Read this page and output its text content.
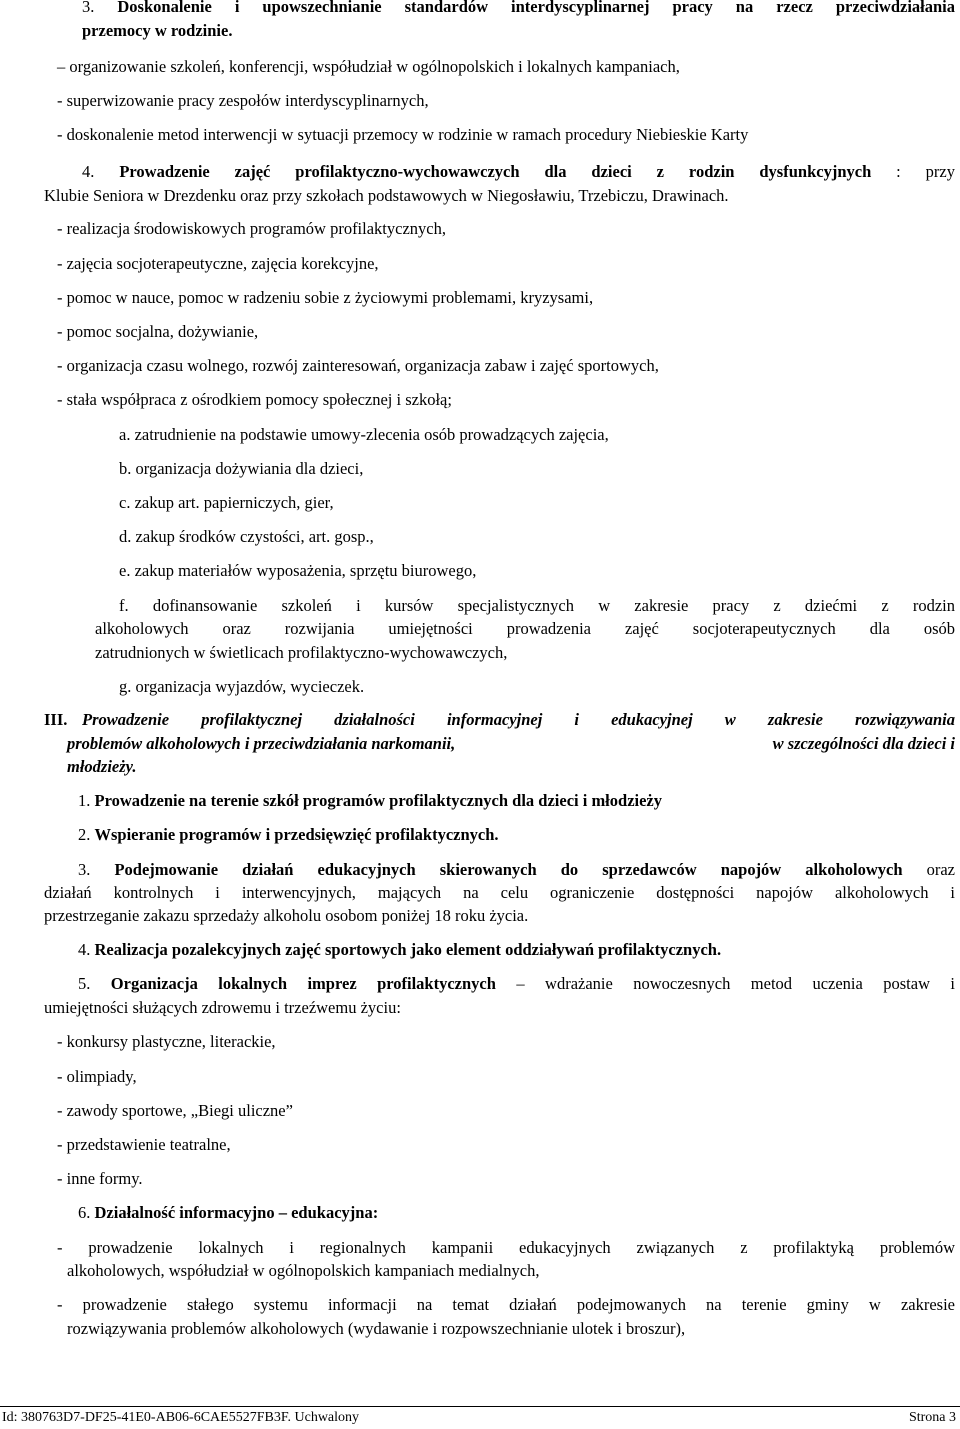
3. Doskonalenie i upowszechnianie standardów interdyscyplinarnej pracy na rzecz przeciwdziałania
przemocy w rodzinie.
– organizowanie szkoleń, konferencji, współudział w ogólnopolskich i lokalnych kampaniach,
- superwizowanie pracy zespołów interdyscyplinarnych,
- doskonalenie metod interwencji w sytuacji przemocy w rodzinie w ramach procedury Niebieskie Karty
4. Prowadzenie zajęć profilaktyczno-wychowawczych dla dzieci z rodzin dysfunkcyjnych : przy
Klubie Seniora w Drezdenku oraz przy szkołach podstawowych w Niegosławiu, Trzebiczu, Drawinach.
- realizacja środowiskowych programów profilaktycznych,
- zajęcia socjoterapeutyczne, zajęcia korekcyjne,
- pomoc w nauce, pomoc w radzeniu sobie z życiowymi problemami, kryzysami,
- pomoc socjalna, dożywianie,
- organizacja czasu wolnego, rozwój zainteresowań, organizacja zabaw i zajęć sportowych,
- stała współpraca z ośrodkiem pomocy społecznej i szkołą;
a. zatrudnienie na podstawie umowy-zlecenia osób prowadzących zajęcia,
b. organizacja dożywiania dla dzieci,
c. zakup art. papierniczych, gier,
d. zakup środków czystości, art. gosp.,
e. zakup materiałów wyposażenia, sprzętu biurowego,
f. dofinansowanie szkoleń i kursów specjalistycznych w zakresie pracy z dziećmi z rodzin
alkoholowych oraz rozwijania umiejętności prowadzenia zajęć socjoterapeutycznych dla osób
zatrudnionych w świetlicach profilaktyczno-wychowawczych,
g. organizacja wyjazdów, wycieczek.
III. Prowadzenie profilaktycznej działalności informacyjnej i edukacyjnej w zakresie rozwiązywania
problemów alkoholowych i przeciwdziałania narkomanii,	w szczególności dla dzieci i
młodzieży.
1. Prowadzenie na terenie szkół programów profilaktycznych dla dzieci i młodzieży
2. Wspieranie programów i przedsięwzięć profilaktycznych.
3. Podejmowanie działań edukacyjnych skierowanych do sprzedawców napojów alkoholowych oraz
działań kontrolnych i interwencyjnych, mających na celu ograniczenie dostępności napojów alkoholowych i
przestrzeganie zakazu sprzedaży alkoholu osobom poniżej 18 roku życia.
4. Realizacja pozalekcyjnych zajęć sportowych jako element oddziaływań profilaktycznych.
5. Organizacja lokalnych imprez profilaktycznych – wdrażanie nowoczesnych metod uczenia postaw i
umiejętności służących zdrowemu i trzeźwemu życiu:
- konkursy plastyczne, literackie,
- olimpiady,
- zawody sportowe, „Biegi uliczne”
- przedstawienie teatralne,
- inne formy.
6. Działalność informacyjno – edukacyjna:
- prowadzenie lokalnych i regionalnych kampanii edukacyjnych związanych z profilaktyką problemów
alkoholowych, współudział w ogólnopolskich kampaniach medialnych,
- prowadzenie stałego systemu informacji na temat działań podejmowanych na terenie gminy w zakresie
rozwiązywania problemów alkoholowych (wydawanie i rozpowszechnianie ulotek i broszur),
Id: 380763D7-DF25-41E0-AB06-6CAE5527FB3F. Uchwalony	Strona 3
